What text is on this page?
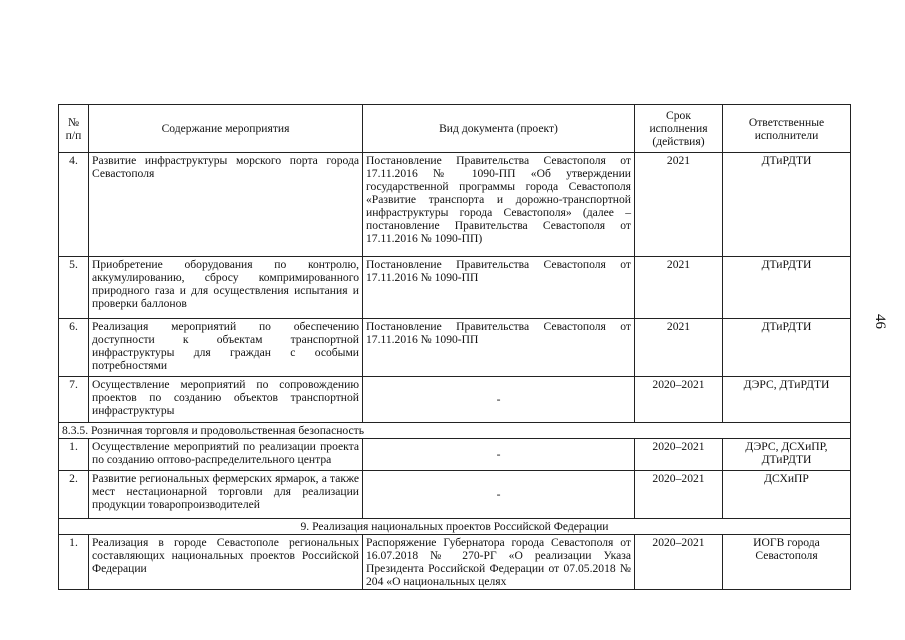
46
№ п/п	Содержание мероприятия	Вид документа (проект)	Срок исполнения (действия)	Ответственные исполнители
4.	Развитие инфраструктуры морского порта города Севастополя	Постановление Правительства Севастополя от 17.11.2016 № 1090-ПП «Об утверждении государственной программы города Севастополя «Развитие транспорта и дорожно-транспортной инфраструктуры города Севастополя» (далее – постановление Правительства Севастополя от 17.11.2016 № 1090-ПП)	2021	ДТиРДТИ
5.	Приобретение оборудования по контролю, аккумулированию, сбросу компримированного природного газа и для осуществления испытания и проверки баллонов	Постановление Правительства Севастополя от 17.11.2016 № 1090-ПП	2021	ДТиРДТИ
6.	Реализация мероприятий по обеспечению доступности к объектам транспортной инфраструктуры для граждан с особыми потребностями	Постановление Правительства Севастополя от 17.11.2016 № 1090-ПП	2021	ДТиРДТИ
7.	Осуществление мероприятий по сопровождению проектов по созданию объектов транспортной инфраструктуры	-	2020–2021	ДЭРС, ДТиРДТИ
8.3.5. Розничная торговля и продовольственная безопасность				
1.	Осуществление мероприятий по реализации проекта по созданию оптово-распределительного центра	-	2020–2021	ДЭРС, ДСХиПР, ДТиРДТИ
2.	Развитие региональных фермерских ярмарок, а также мест нестационарной торговли для реализации продукции товаропроизводителей	-	2020–2021	ДСХиПР
9. Реализация национальных проектов Российской Федерации				
1.	Реализация в городе Севастополе региональных составляющих национальных проектов Российской Федерации	Распоряжение Губернатора города Севастополя от 16.07.2018 № 270-РГ «О реализации Указа Президента Российской Федерации от 07.05.2018 № 204 «О национальных целях	2020–2021	ИОГВ города Севастополя
